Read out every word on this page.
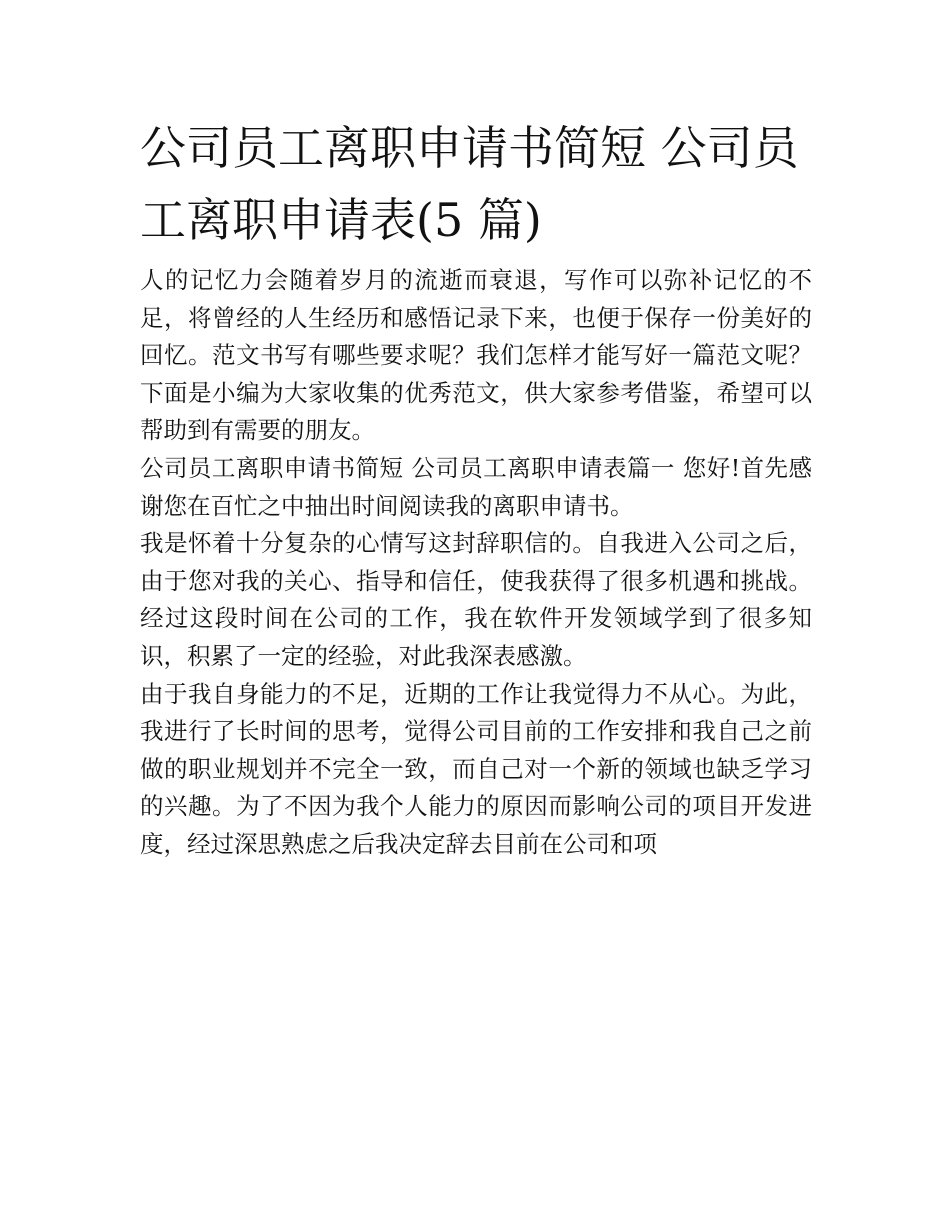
公司员工离职申请书简短 公司员工离职申请表(5 篇)

人的记忆力会随着岁月的流逝而衰退，写作可以弥补记忆的不足，将曾经的人生经历和感悟记录下来，也便于保存一份美好的回忆。范文书写有哪些要求呢？我们怎样才能写好一篇范文呢？下面是小编为大家收集的优秀范文，供大家参考借鉴，希望可以帮助到有需要的朋友。

公司员工离职申请书简短 公司员工离职申请表篇一 您好!首先感谢您在百忙之中抽出时间阅读我的离职申请书。

我是怀着十分复杂的心情写这封辞职信的。自我进入公司之后，由于您对我的关心、指导和信任，使我获得了很多机遇和挑战。经过这段时间在公司的工作，我在软件开发领域学到了很多知识，积累了一定的经验，对此我深表感激。

由于我自身能力的不足，近期的工作让我觉得力不从心。为此，我进行了长时间的思考，觉得公司目前的工作安排和我自己之前做的职业规划并不完全一致，而自己对一个新的领域也缺乏学习的兴趣。为了不因为我个人能力的原因而影响公司的项目开发进度，经过深思熟虑之后我决定辞去目前在公司和项
